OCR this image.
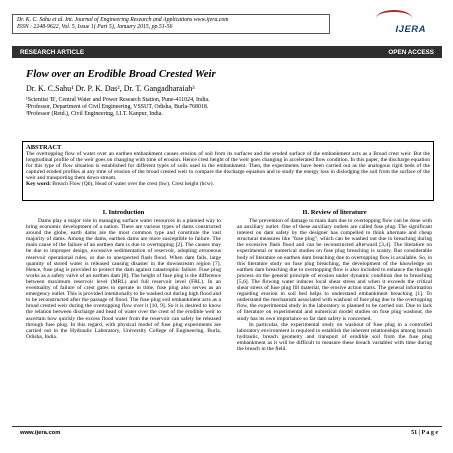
Dr. K. C. Sahu et al. Int. Journal of Engineering Research and Applications www.ijera.com
ISSN : 2248-9622, Vol. 5, Issue 1( Part 5), January 2015, pp.51-56	IJERA
RESEARCH ARTICLE	OPEN ACCESS
Flow over an Erodible Broad Crested Weir
Dr. K. C.Sahu¹ Dr. P. K. Das², Dr. T. Gangadharaiah³
¹Scientist 'B', Central Water and Power Research Station, Pune-411024, India.
²Professor, Department of Civil Engineering, VSSUT, Odisha, Burla-768018.
³Professor (Retd.), Civil Engineering, I.I.T. Kanpur, India.
ABSTRACT
The overtopping flow of water over an earthen embankment causes erosion of soil from its surfaces and the eroded surface of the embankment acts as a Broad crest weir. But the longitudinal profile of the weir goes on changing with time of erosion. Hence crest height of the weir goes changing in accelerated flow condition. In this paper, the discharge equation for this type of flow situation is established for different types of soils used in the embankment. Then, the experiments have been carried out as the analogous rigid beds of the captured eroded profiles at any time of erosion of the broad crested weir to compare the discharge equation and to study the energy loss in dislodging the soil from the surface of the weir and transporting them down stream.
Key word: Breach Flow (Qb), Head of water over the crest (hw), Crest height (hcw).
I. Introduction

Dams play a major role in managing surface water resources in a planned way to bring economic development of a nation. There are various types of dams constructed around the globe, earth dams are the most common type and constitute the vast majority of dams. Among the dams, earthen dams are more susceptible to failure. The main cause of the failure of an earthen dam is due to overtopping [2]. The causes may be due to improper design, excessive sedimentation of reservoir, adopting erroneous reservoir operational rules, or due to unexpected flash flood. When dam fails, large quantity of stored water is released causing disaster in the downstream region [7]. Hence, fuse plug is provided to protect the dam against catastrophic failure. Fuse plug works as a safety valve of an earthen dam [8]. The height of fuse plug is the difference between maximum reservoir level (MRL) and full reservoir level (FRL). In an eventuality of failure of crest gates to operate in time, fuse plug also serves as an emergency outlet. This is provided intentionally to be washed out during high flood and to be reconstructed after the passage of flood. The fuse plug soil embankment acts as a broad crested weir during the overtopping flow over it [10, 9]. So it is desired to know the relation between discharge and head of water over the crest of the erodible weir to ascertain how quickly the excess flood water from the reservoir can safely be released through fuse plug. In this regard, with physical model of fuse plug experiments are carried out in the Hydraulic Laboratory, University College of Engineering, Burla, Odisha, India.

II. Review of literature

The prevention of damage to main dam due to overtopping flow can be done with an auxiliary outlet. One of these auxiliary outlets are called fuse plug. The significant interest on dam safety by the designer has compelled to think alternate and cheap structural measures like "fuse plug", which can be washed out due to breaching during the excessive flash flood and can be reconstructed afterward [3,4]. The literature on experimental or numerical studies on fuse plug breaching is scanty. But considerable body of literature on earthen dam breaching due to overtopping flow is available. So, in this literature study on fuse plug breaching, the development of the knowledge on earthen dam breaching due to overtopping flow is also included to enhance the thought process on the general principle of erosion under dynamic condition due to breaching [5,6]. The flowing water induces local shear stress and when it exceeds the critical shear stress of fuse plug fill material, the erosive action starts. The general information regarding erosion in soil bed helps to understand embankment breaching [1]. To understand the mechanism associated with washout of fuse plug due to the overtopping flow, the experimental study in the laboratory is planned to be carried out. Due to lack of literature on experimental and numerical model studies on fuse plug washout, the study has its own importance so far dam safety is concerned.

In particular, the experimental study on washout of fuse plug in a controlled laboratory environment is required to establish the inherent relationships among breach hydraulic, breach geometry and transport of erodible soil from the fuse plug embankment as it will be difficult to measure these breach variables with time during the breach in the field.

www.ijera.com	51 | P a g e
